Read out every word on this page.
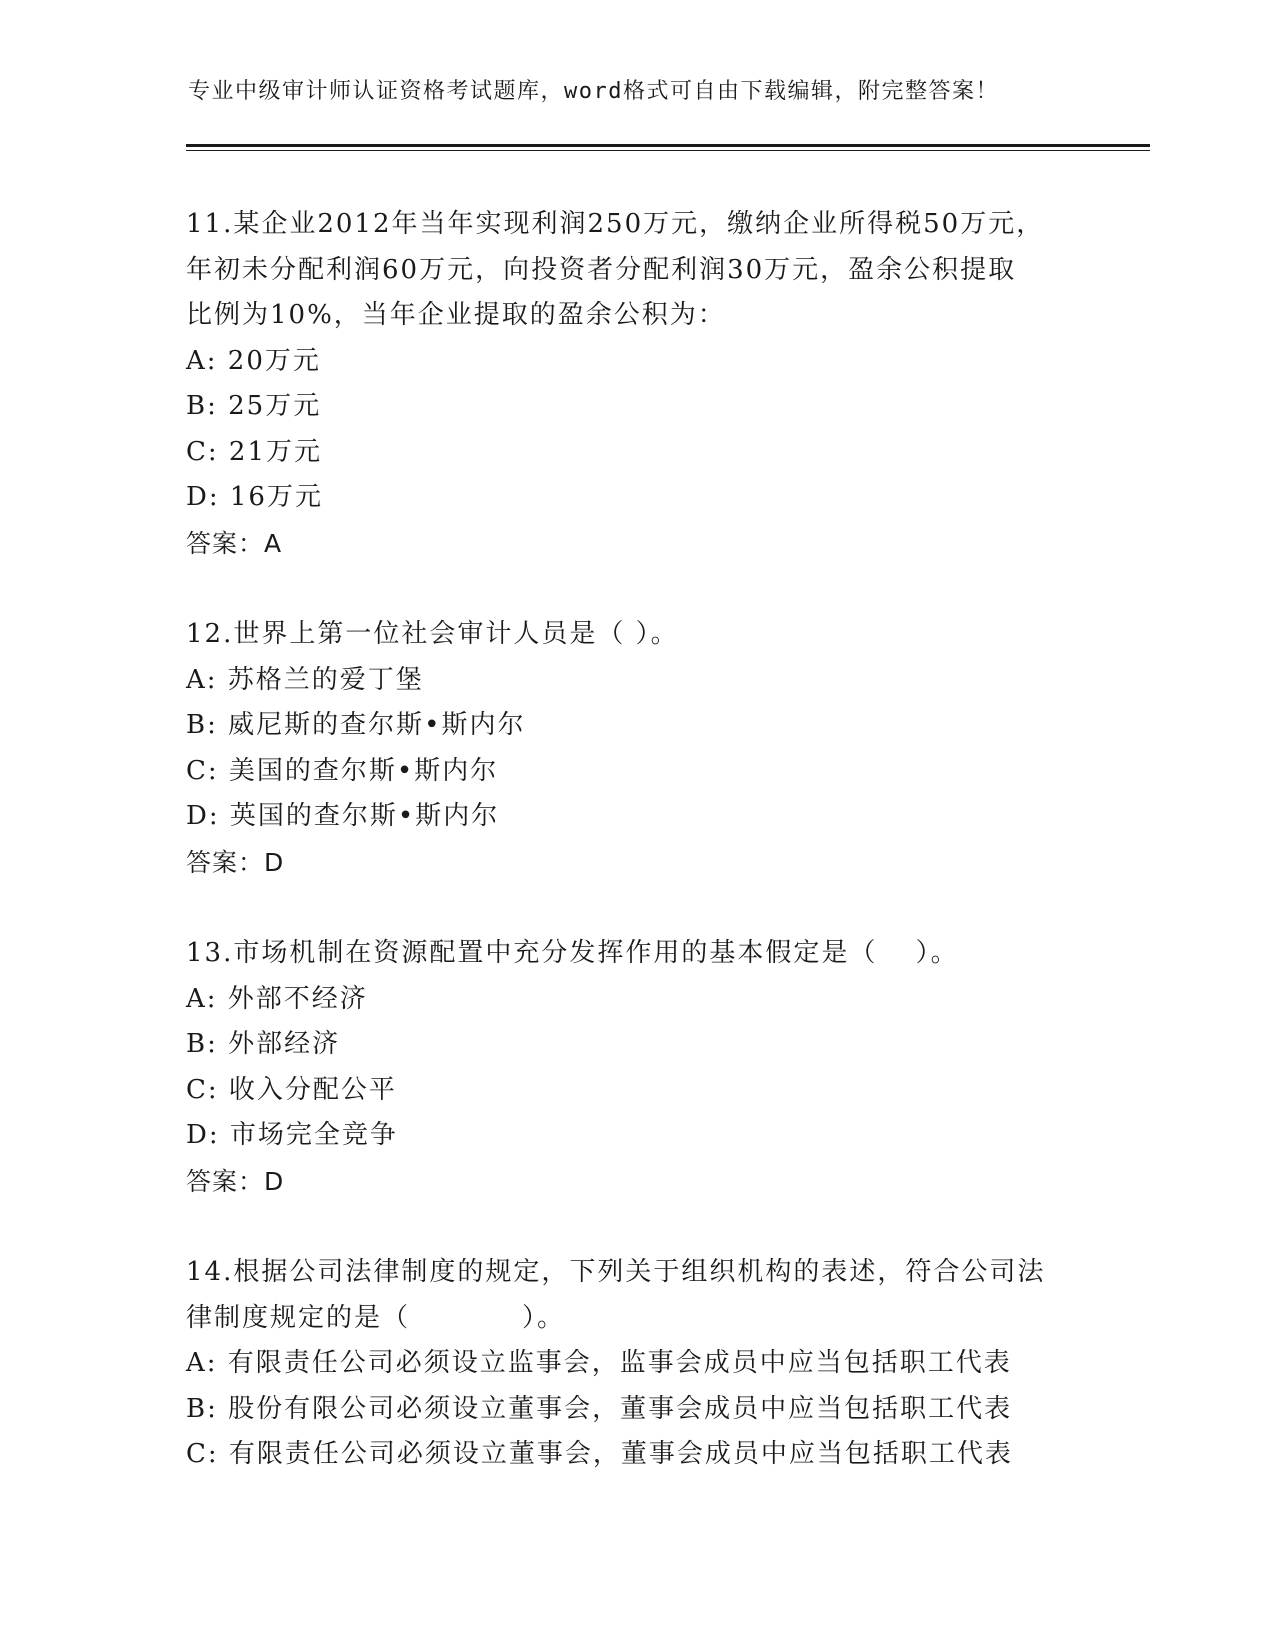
专业中级审计师认证资格考试题库，word格式可自由下载编辑，附完整答案！
11.某企业2012年当年实现利润250万元，缴纳企业所得税50万元，
年初未分配利润60万元，向投资者分配利润30万元，盈余公积提取
比例为10%，当年企业提取的盈余公积为：
A: 20万元
B: 25万元
C: 21万元
D: 16万元
答案：A
12.世界上第一位社会审计人员是（ ）。
A: 苏格兰的爱丁堡
B: 威尼斯的查尔斯•斯内尔
C: 美国的查尔斯•斯内尔
D: 英国的查尔斯•斯内尔
答案：D
13.市场机制在资源配置中充分发挥作用的基本假定是（　 ）。
A: 外部不经济
B: 外部经济
C: 收入分配公平
D: 市场完全竞争
答案：D
14.根据公司法律制度的规定，下列关于组织机构的表述，符合公司法
律制度规定的是（　　　　）。
A: 有限责任公司必须设立监事会，监事会成员中应当包括职工代表
B: 股份有限公司必须设立董事会，董事会成员中应当包括职工代表
C: 有限责任公司必须设立董事会，董事会成员中应当包括职工代表
